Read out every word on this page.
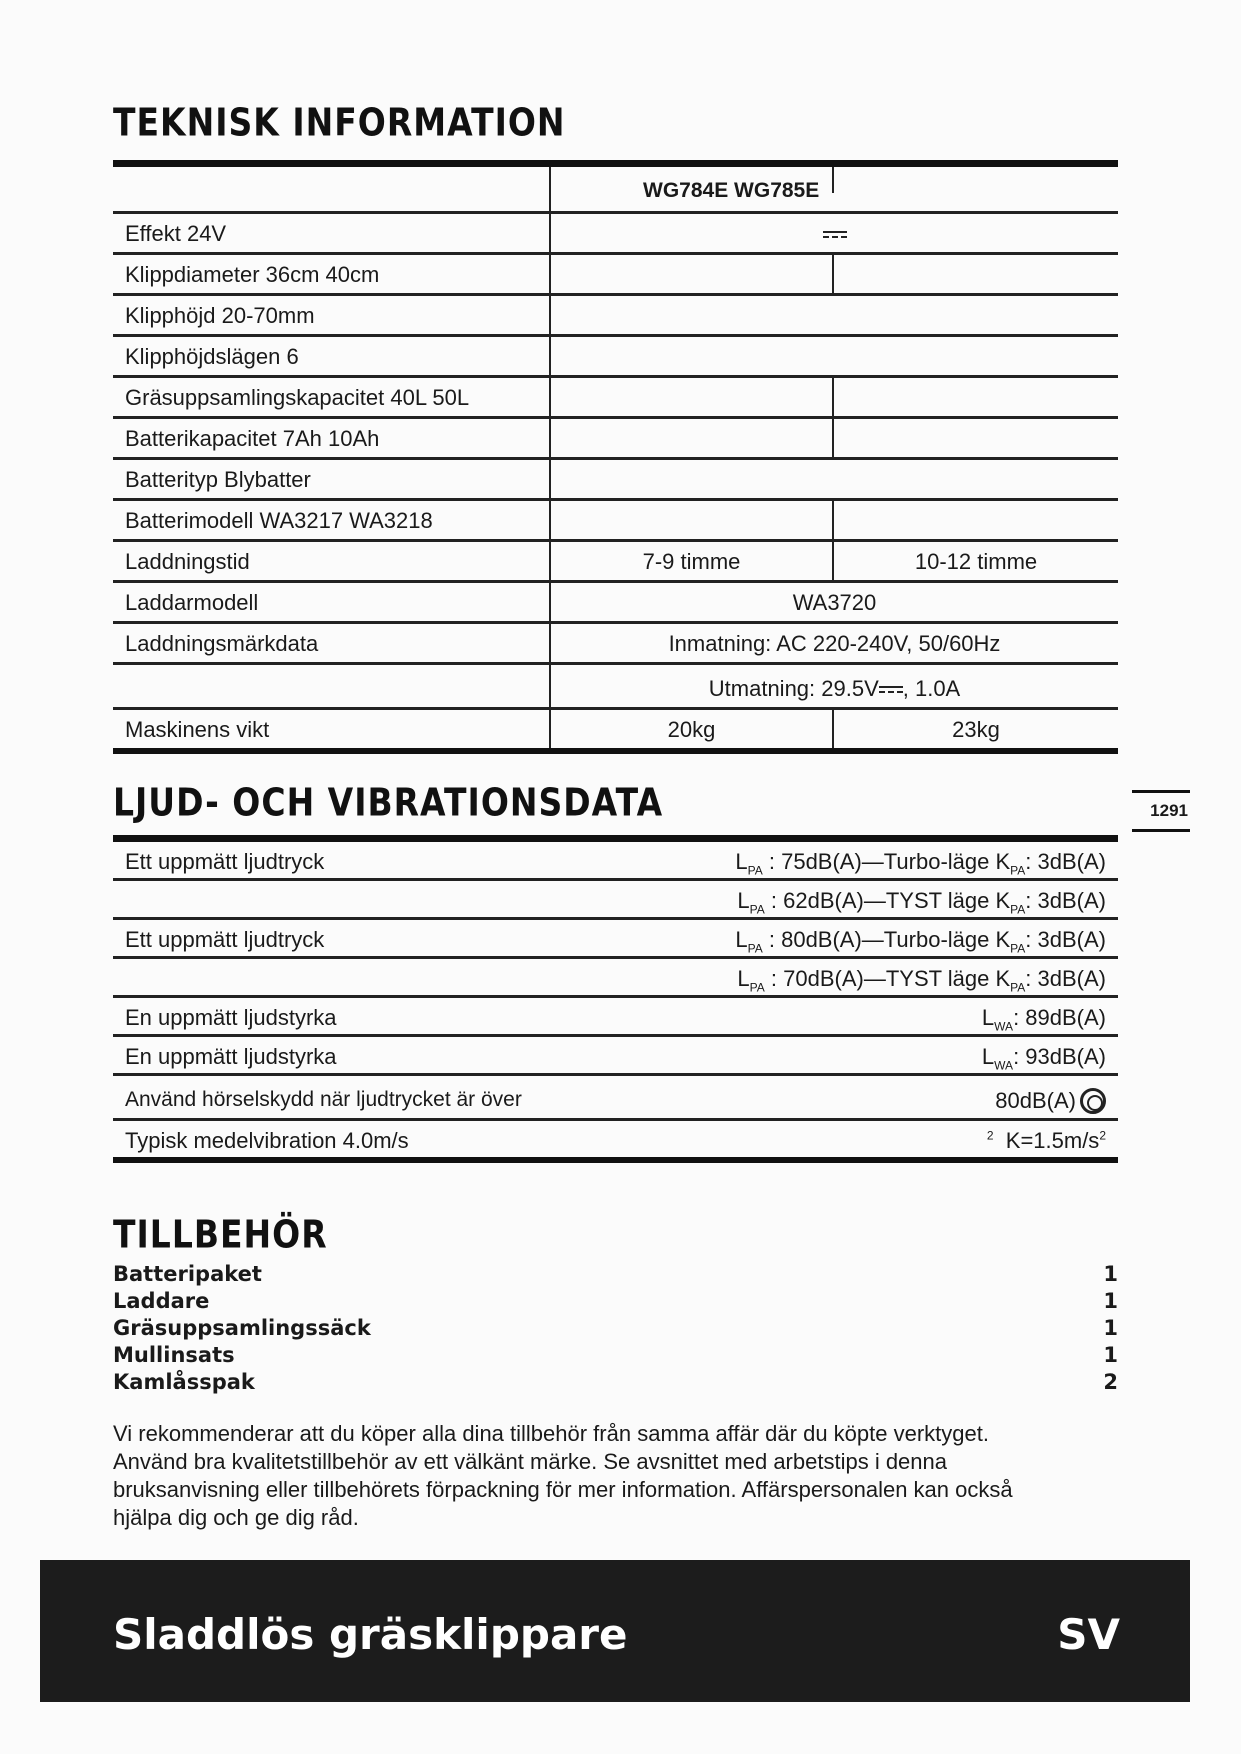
TEKNISK INFORMATION
WG784E WG785E
Effekt 24V
Klippdiameter 36cm 40cm
Klipphöjd 20-70mm
Klipphöjdslägen 6
Gräsuppsamlingskapacitet 40L 50L
Batterikapacitet 7Ah 10Ah
Batterityp Blybatter
Batterimodell WA3217 WA3218
Laddningstid	7-9 timme	10-12 timme
Laddarmodell	WA3720
Laddningsmärkdata	Inmatning: AC 220-240V, 50/60Hz
Utmatning: 29.5V , 1.0A
Maskinens vikt	20kg	23kg
LJUD- OCH VIBRATIONSDATA	1291
Ett uppmätt ljudtryck	$L_{PA}$ : 75dB(A)—Turbo-läge $K_{PA}$: 3dB(A)
$L_{PA}$ : 62dB(A)—TYST läge $K_{PA}$: 3dB(A)
Ett uppmätt ljudtryck	$L_{PA}$ : 80dB(A)—Turbo-läge $K_{PA}$: 3dB(A)
$L_{PA}$ : 70dB(A)—TYST läge $K_{PA}$: 3dB(A)
En uppmätt ljudstyrka	$L_{WA}$: 89dB(A)
En uppmätt ljudstyrka	$L_{WA}$: 93dB(A)
Använd hörselskydd när ljudtrycket är över	80dB(A)
Typisk medelvibration 4.0m/s	$^2$ $K=1.5m/s^2$
TILLBEHÖR
Batteripaket	1
Laddare	1
Gräsuppsamlingssäck	1
Mullinsats	1
Kamlåsspak	2
Vi rekommenderar att du köper alla dina tillbehör från samma affär där du köpte verktyget.
Använd bra kvalitetstillbehör av ett välkänt märke. Se avsnittet med arbetstips i denna
bruksanvisning eller tillbehörets förpackning för mer information. Affärspersonalen kan också
hjälpa dig och ge dig råd.
Sladdlös gräsklippare	SV
